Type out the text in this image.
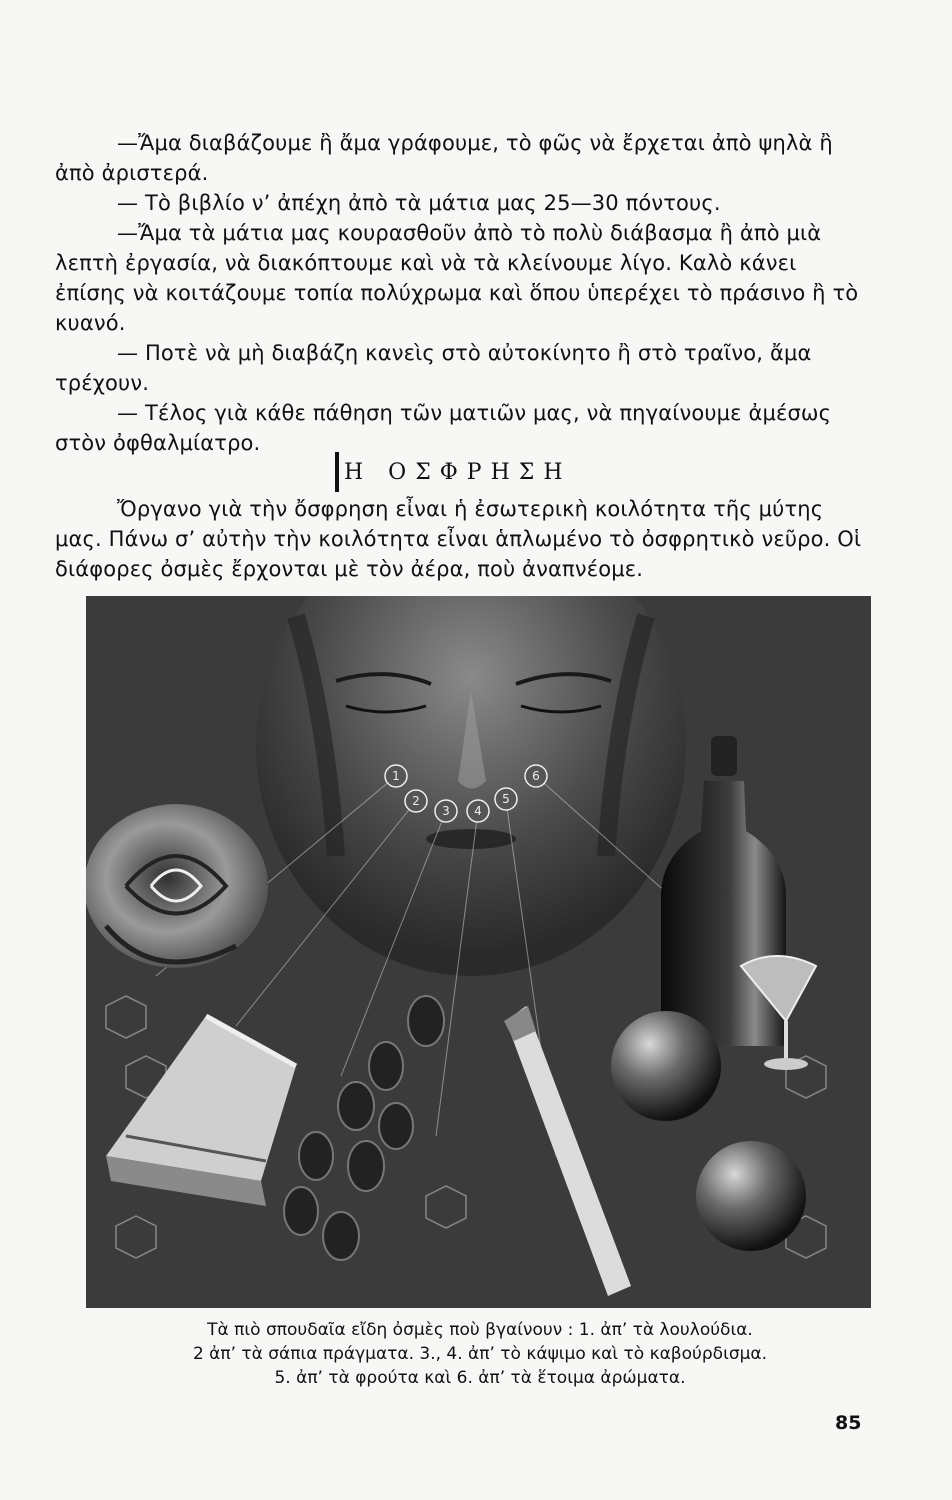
—Ἄμα διαβάζουμε ἢ ἄμα γράφουμε, τὸ φῶς νὰ ἔρχεται ἀπὸ ψηλὰ ἢ ἀπὸ ἀριστερά.

— Τὸ βιβλίο ν’ ἀπέχη ἀπὸ τὰ μάτια μας 25—30 πόντους.

—Ἄμα τὰ μάτια μας κουρασθοῦν ἀπὸ τὸ πολὺ διάβασμα ἢ ἀπὸ μιὰ λεπτὴ ἐργασία, νὰ διακόπτουμε καὶ νὰ τὰ κλείνουμε λίγο. Καλὸ κάνει ἐπίσης νὰ κοιτάζουμε τοπία πολύχρωμα καὶ ὅπου ὑπερέχει τὸ πράσινο ἢ τὸ κυανό.

— Ποτὲ νὰ μὴ διαβάζη κανεὶς στὸ αὐτοκίνητο ἢ στὸ τραῖνο, ἄμα τρέχουν.

— Τέλος γιὰ κάθε πάθηση τῶν ματιῶν μας, νὰ πηγαίνουμε ἀμέσως στὸν ὀφθαλμίατρο.

Η ΟΣΦΡΗΣΗ

Ὄργανο γιὰ τὴν ὄσφρηση εἶναι ἡ ἐσωτερικὴ κοιλότητα τῆς μύτης μας. Πάνω σ’ αὐτὴν τὴν κοιλότητα εἶναι ἁπλωμένο τὸ ὀσφρητικὸ νεῦρο. Οἱ διάφορες ὀσμὲς ἔρχονται μὲ τὸν ἀέρα, ποὺ ἀναπνέομε.

1
2
3 4
5
6
Τὰ πιὸ σπουδαῖα εἴδη ὀσμὲς ποὺ βγαίνουν : 1. ἀπ’ τὰ λουλούδια.
2 ἀπ’ τὰ σάπια πράγματα. 3., 4. ἀπ’ τὸ κάψιμο καὶ τὸ καβούρδισμα.
5. ἀπ’ τὰ φρούτα καὶ 6. ἀπ’ τὰ ἕτοιμα ἀρώματα.
85
